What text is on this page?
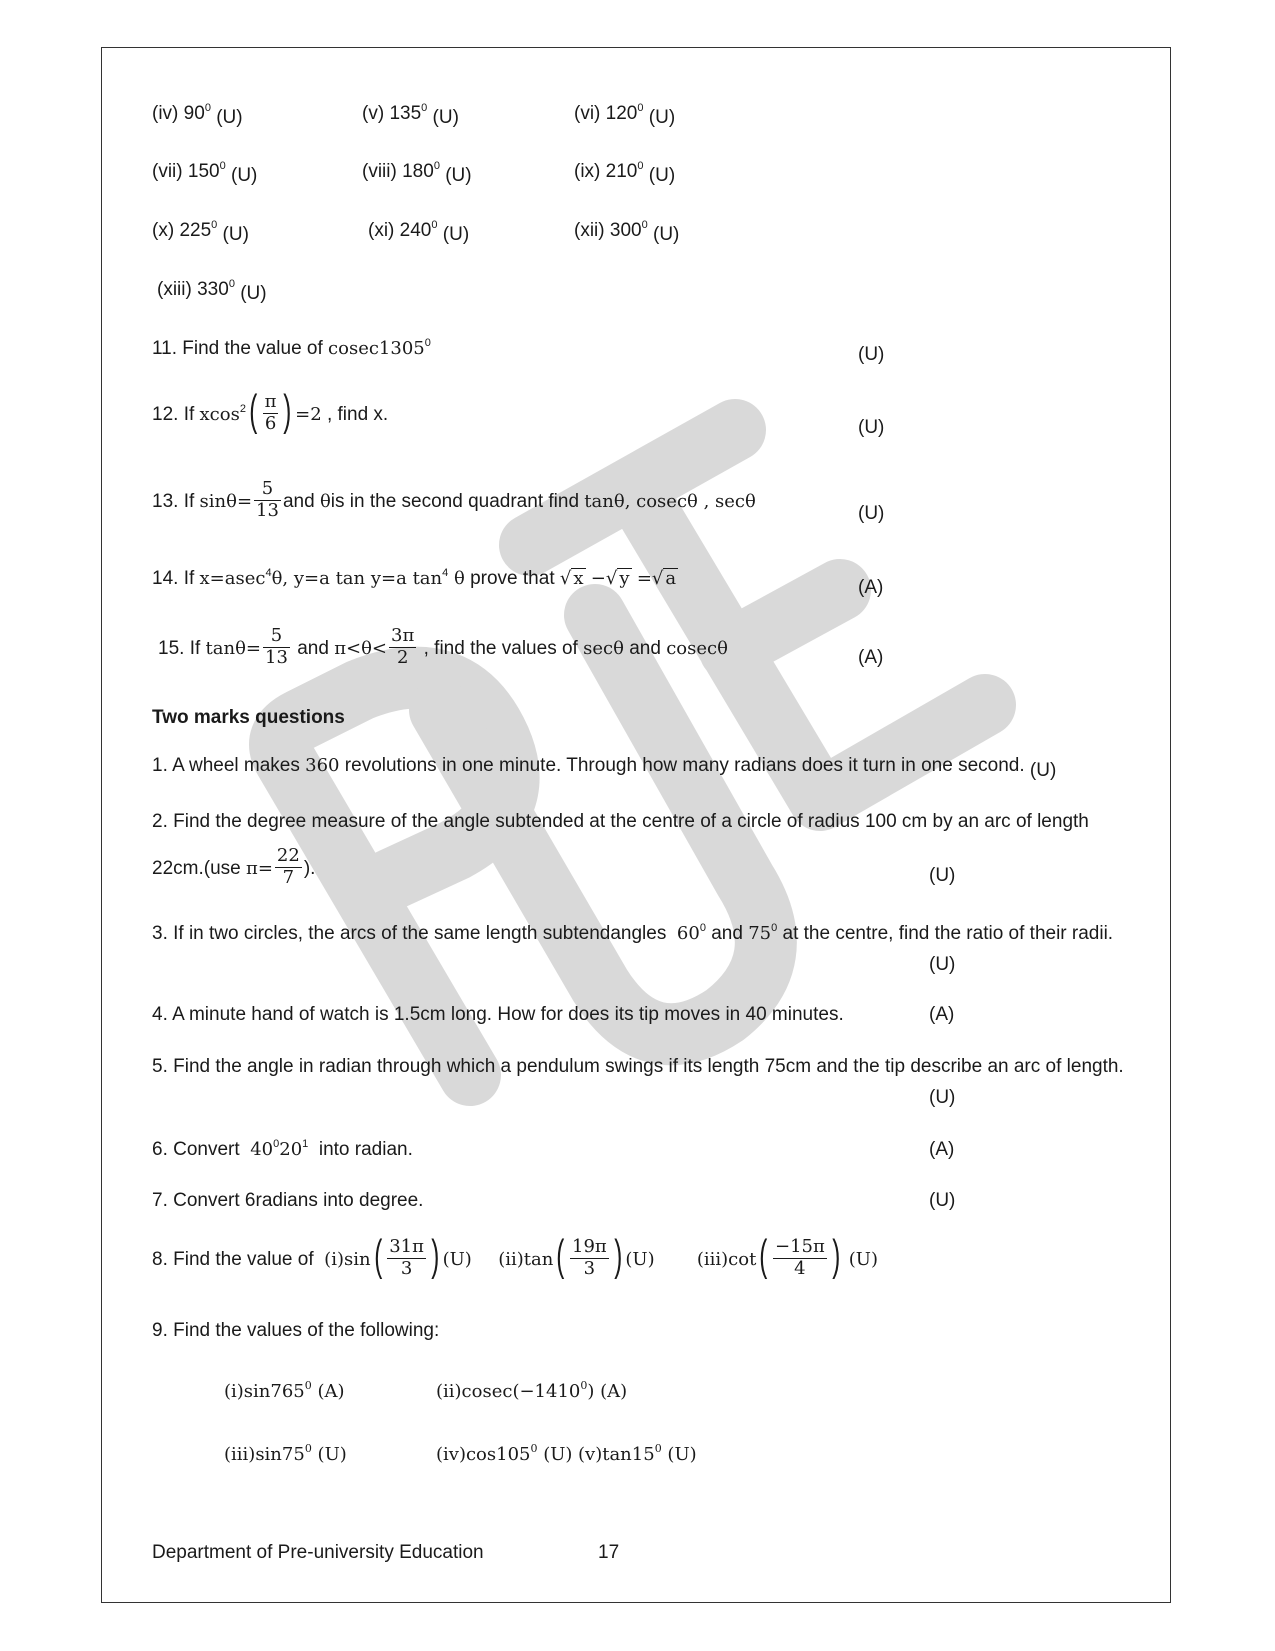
(iv) $90^0$ (U)	(v) $135^0$ (U)	(vi) $120^0$ (U)
(vii) $150^0$ (U)	(viii) $180^0$ (U)	(ix) $210^0$ (U)
(x) $225^0$ (U)	(xi) $240^0$ (U)	(xii) $300^0$ (U)
(xiii) $330^0$ (U)
11. Find the value of cosec1305$^0$
(U)
12. If $xcos^2( \frac{\pi}{6}$ ) =2 , find x.
(U)
13. If $\sin\theta= \frac{5}{13}$ and θis in the second quadrant find tanθ, cosecθ , secθ
(U)
14. If x=asec$^4$θ, y=a tan y=a $\tan^4 \theta$ prove that √ x −√ y =√ a	(A)
15. If $\tan\theta= \frac{5}{13}$ and $\pi<\theta< \frac{3\pi}{2}$ , find the values of secθ and cosecθ	(A)
Two marks questions
1. A wheel makes 360 revolutions in one minute. Through how many radians does it turn in one second. (U)
2. Find the degree measure of the angle subtended at the centre of a circle of radius 100 cm by an arc of length
22cm.(use $\pi= \frac{22}{7}$ ).	(U)
3. If in two circles, the arcs of the same length subtendangles $60^0$ and $75^0$ at the centre, find the ratio of their radii.
(U)
4. A minute hand of watch is 1.5cm long. How for does its tip moves in 40 minutes.	(A)
5. Find the angle in radian through which a pendulum swings if its length 75cm and the tip describe an arc of length.
(U)
6. Convert $40^020^1$ into radian.	(A)
7. Convert 6radians into degree.	(U)
8. Find the value of $(i)\sin( \frac{31\pi}{3}$ ) (U) $(ii)\tan( \frac{19\pi}{3}$ ) (U) $(iii)\cot( \frac{-15\pi}{4}$ ) (U)
9. Find the values of the following:
$(i)\sin 765^0$ (A)	$(ii)cosec(-1410^0)$ (A)
$(iii)\sin 75^0$ (U)	$(iv)\cos 105^0$ (U) $(v)\tan 15^0$ (U)
Department of Pre-university Education	17
